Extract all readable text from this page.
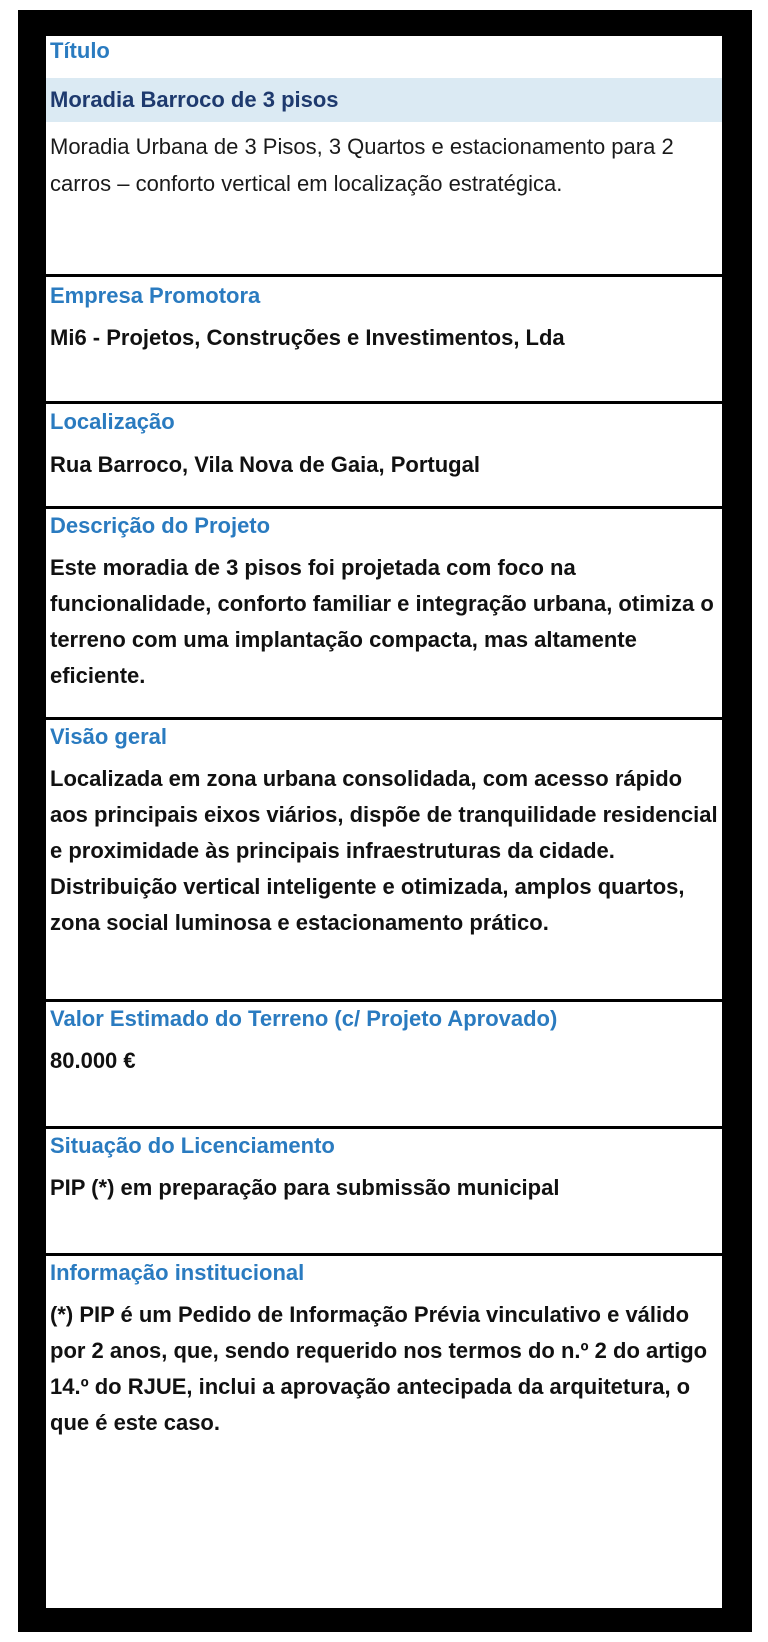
Título
Moradia Barroco de 3 pisos
Moradia Urbana de 3 Pisos, 3 Quartos e estacionamento para 2 carros – conforto vertical em localização estratégica.
Empresa Promotora
Mi6 - Projetos, Construções e Investimentos, Lda
Localização
Rua Barroco, Vila Nova de Gaia, Portugal
Descrição do Projeto
Este moradia de 3 pisos foi projetada com foco na funcionalidade, conforto familiar e integração urbana, otimiza o terreno com uma implantação compacta, mas altamente eficiente.
Visão geral
Localizada em zona urbana consolidada, com acesso rápido aos principais eixos viários, dispõe de tranquilidade residencial e proximidade às principais infraestruturas da cidade. Distribuição vertical inteligente e otimizada, amplos quartos, zona social luminosa e estacionamento prático.
Valor Estimado do Terreno (c/ Projeto Aprovado)
80.000 €
Situação do Licenciamento
PIP (*) em preparação para submissão municipal
Informação institucional
(*) PIP é um Pedido de Informação Prévia vinculativo e válido por 2 anos, que, sendo requerido nos termos do n.º 2 do artigo 14.º do RJUE, inclui a aprovação antecipada da arquitetura, o que é este caso.
